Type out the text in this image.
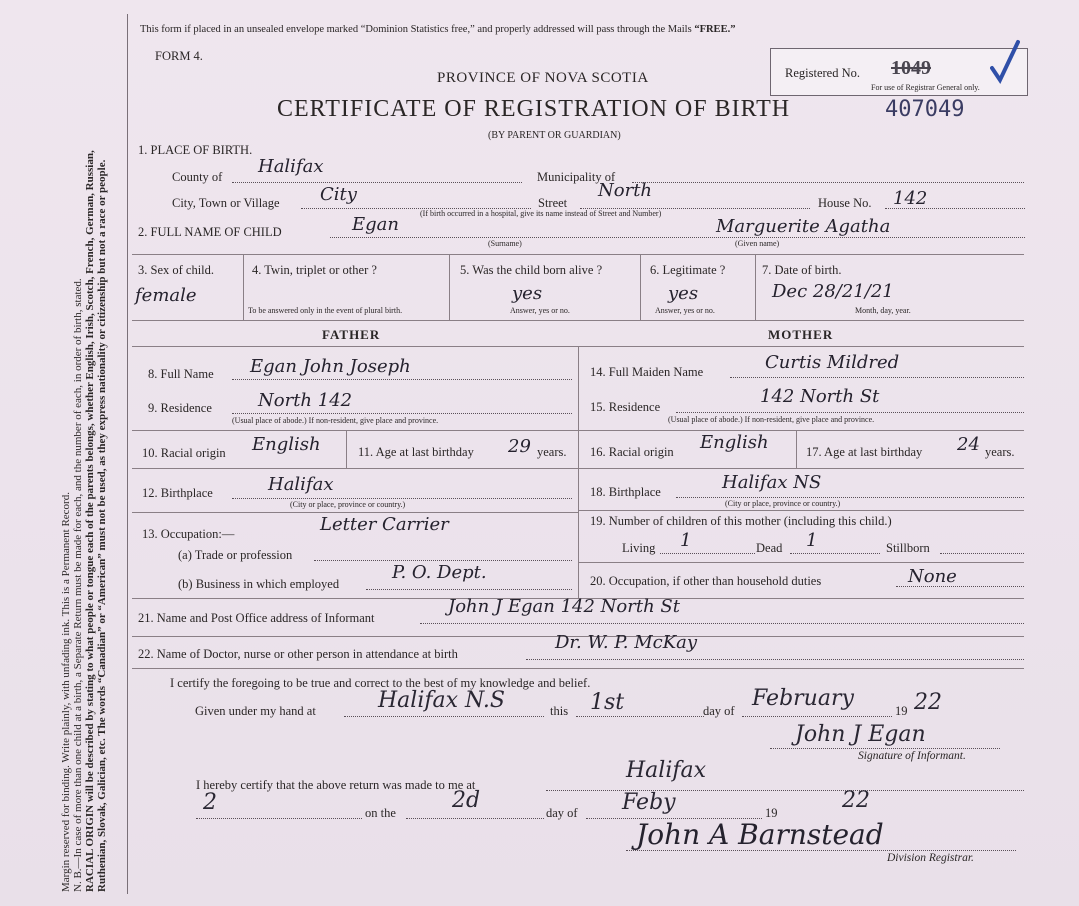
Margin reserved for binding. Write plainly, with unfading ink. This is a Permanent Record. N. B.—In case of more than one child at a birth, a Separate Return must be made for each, and the number of each, in order of birth, stated. RACIAL ORIGIN will be described by stating to what people or tongue each of the parents belongs, whether English, Irish, Scotch, French, German, Russian, Ruthenian, Slovak, Galician, etc. The words “Canadian” or “American” must not be used, as they express nationality or citizenship but not a race or people.
This form if placed in an unsealed envelope marked “Dominion Statistics free,” and properly addressed will pass through the Mails “FREE.”
FORM 4.
PROVINCE OF NOVA SCOTIA
CERTIFICATE OF REGISTRATION OF BIRTH
(BY PARENT OR GUARDIAN)
407049
Registered No. 1049
For use of Registrar General only.
1. PLACE OF BIRTH.
County of Halifax	Municipality of
City, Town or Village City	Street
North
House No. 142
(If birth occurred in a hospital, give its name instead of Street and Number)
2. FULL NAME OF CHILD	Egan
(Surname)
Marguerite Agatha
(Given name)
3. Sex of child.
female
4. Twin, triplet or other ?
To be answered only in the event of plural birth.
5. Was the child born alive ?
yes
Answer, yes or no.
6. Legitimate ?
yes
Answer, yes or no.
7. Date of birth.
Dec 28/21/21
Month, day, year.
FATHER	MOTHER
8. Full Name Egan John Joseph
9. Residence	North 142
(Usual place of abode.) If non-resident, give place and province.
10. Racial origin English	11. Age at last birthday 29 years.
12. Birthplace	Halifax
(City or place, province or country.)
13. Occupation:—	Letter Carrier
(a) Trade or profession
(b) Business in which employed
P. O. Dept.
14. Full Maiden Name	Curtis Mildred
15. Residence	142 North St
(Usual place of abode.) If non-resident, give place and province.
16. Racial origin English	17. Age at last birthday 24 years.
18. Birthplace	Halifax NS
(City or place, province or country.)
19. Number of children of this mother (including this child.)
Living 1	Dead 1	Stillborn
20. Occupation, if other than household duties	None
21. Name and Post Office address of Informant
John J Egan 142 North St
22. Name of Doctor, nurse or other person in attendance at birth
Dr. W. P. McKay
I certify the foregoing to be true and correct to the best of my knowledge and belief.
Given under my hand at	Halifax N.S	this 1st	day of February	19 22
John J Egan
Signature of Informant.
I hereby certify that the above return was made to me at
Halifax
2	on the	2d	day of Feby	19	22
John A Barnstead
Division Registrar.
